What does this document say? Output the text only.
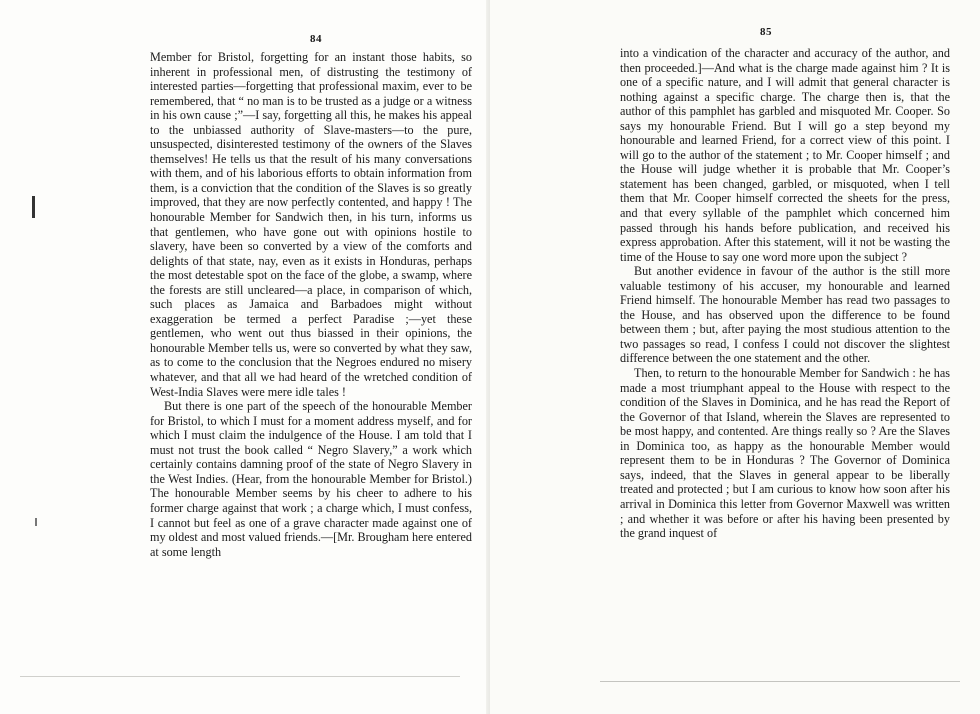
84

Member for Bristol, forgetting for an instant those habits, so inherent in professional men, of distrusting the testimony of interested parties—forgetting that professional maxim, ever to be remembered, that “ no man is to be trusted as a judge or a witness in his own cause ;”—I say, forgetting all this, he makes his appeal to the unbiassed authority of Slave-masters—to the pure, unsuspected, disinterested testimony of the owners of the Slaves themselves! He tells us that the result of his many conversations with them, and of his laborious efforts to obtain information from them, is a conviction that the condition of the Slaves is so greatly improved, that they are now perfectly contented, and happy ! The honourable Member for Sandwich then, in his turn, informs us that gentlemen, who have gone out with opinions hostile to slavery, have been so converted by a view of the comforts and delights of that state, nay, even as it exists in Honduras, perhaps the most detestable spot on the face of the globe, a swamp, where the forests are still uncleared—a place, in comparison of which, such places as Jamaica and Barbadoes might without exaggeration be termed a perfect Paradise ;—yet these gentlemen, who went out thus biassed in their opinions, the honourable Member tells us, were so converted by what they saw, as to come to the conclusion that the Negroes endured no misery whatever, and that all we had heard of the wretched condition of West-India Slaves were mere idle tales !

But there is one part of the speech of the honourable Member for Bristol, to which I must for a moment address myself, and for which I must claim the indulgence of the House. I am told that I must not trust the book called “ Negro Slavery,” a work which certainly contains damning proof of the state of Negro Slavery in the West Indies. (Hear, from the honourable Member for Bristol.) The honourable Member seems by his cheer to adhere to his former charge against that work ; a charge which, I must confess, I cannot but feel as one of a grave character made against one of my oldest and most valued friends.—[Mr. Brougham here entered at some length

85

into a vindication of the character and accuracy of the author, and then proceeded.]—And what is the charge made against him ? It is one of a specific nature, and I will admit that general character is nothing against a specific charge. The charge then is, that the author of this pamphlet has garbled and misquoted Mr. Cooper. So says my honourable Friend. But I will go a step beyond my honourable and learned Friend, for a correct view of this point. I will go to the author of the statement ; to Mr. Cooper himself ; and the House will judge whether it is probable that Mr. Cooper’s statement has been changed, garbled, or misquoted, when I tell them that Mr. Cooper himself corrected the sheets for the press, and that every syllable of the pamphlet which concerned him passed through his hands before publication, and received his express approbation. After this statement, will it not be wasting the time of the House to say one word more upon the subject ?

But another evidence in favour of the author is the still more valuable testimony of his accuser, my honourable and learned Friend himself. The honourable Member has read two passages to the House, and has observed upon the difference to be found between them ; but, after paying the most studious attention to the two passages so read, I confess I could not discover the slightest difference between the one statement and the other.

Then, to return to the honourable Member for Sandwich : he has made a most triumphant appeal to the House with respect to the condition of the Slaves in Dominica, and he has read the Report of the Governor of that Island, wherein the Slaves are represented to be most happy, and contented. Are things really so ? Are the Slaves in Dominica too, as happy as the honourable Member would represent them to be in Honduras ? The Governor of Dominica says, indeed, that the Slaves in general appear to be liberally treated and protected ; but I am curious to know how soon after his arrival in Dominica this letter from Governor Maxwell was written ; and whether it was before or after his having been presented by the grand inquest of
